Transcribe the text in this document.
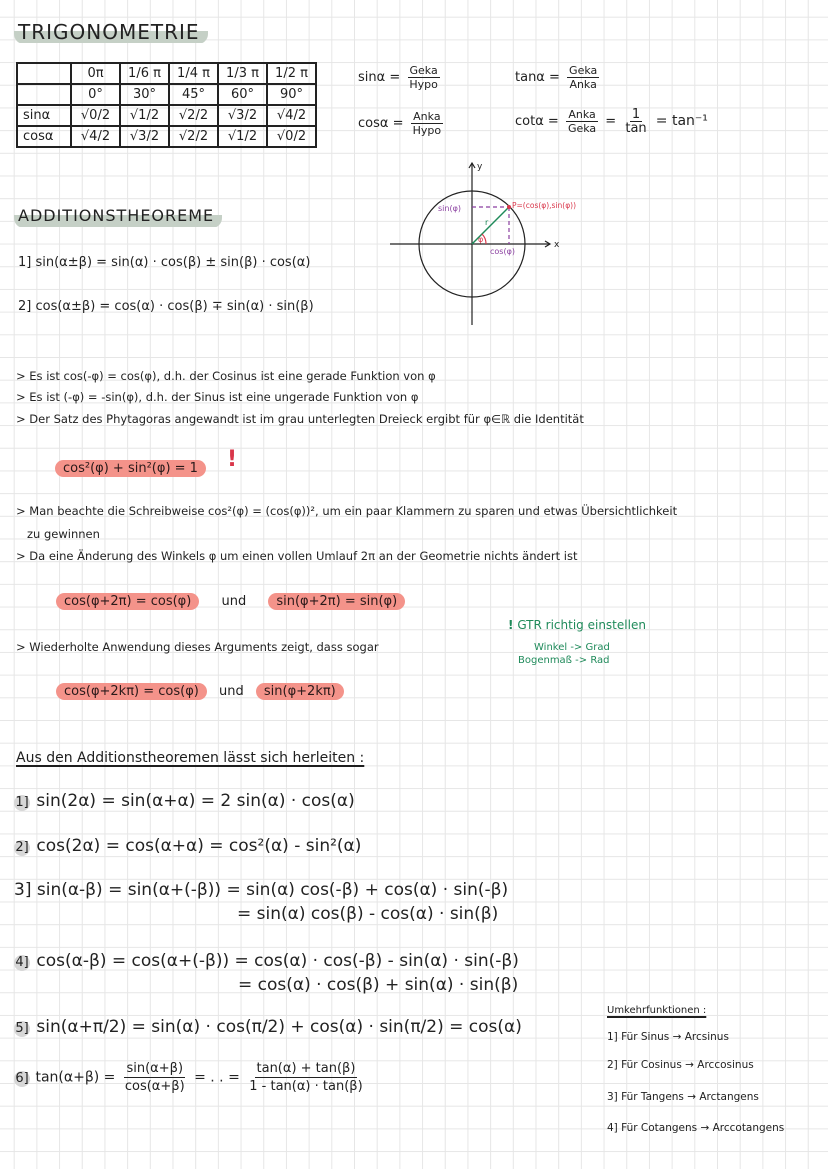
TRIGONOMETRIE
	0π	1/6 π	1/4 π	1/3 π	1/2 π
	0°	30°	45°	60°	90°
sinα	√0/2	√1/2	√2/2	√3/2	√4/2
cosα	√4/2	√3/2	√2/2	√1/2	√0/2
$\sin\alpha = \frac{\text{Geka}}{\text{Hypo}}$
$\cos\alpha = \frac{\text{Anka}}{\text{Hypo}}$
$\tan\alpha = \frac{\text{Geka}}{\text{Anka}}$
$\cot\alpha = \frac{\text{Anka}}{\text{Geka}} = \frac{1}{\tan} = \tan^{-1}$
x
y
r
φ
sin(φ)
cos(φ)
P=(cos(φ),sin(φ))
ADDITIONSTHEOREME
1] sin(α±β) = sin(α) · cos(β) ± sin(β) · cos(α)
2] cos(α±β) = cos(α) · cos(β) ∓ sin(α) · sin(β)
> Es ist cos(-φ) = cos(φ), d.h. der Cosinus ist eine gerade Funktion von φ
> Es ist (-φ) = -sin(φ), d.h. der Sinus ist eine ungerade Funktion von φ
> Der Satz des Phytagoras angewandt ist im grau unterlegten Dreieck ergibt für φ∈ℝ die Identität
cos²(φ) + sin²(φ) = 1	!
> Man beachte die Schreibweise cos²(φ) = (cos(φ))², um ein paar Klammern zu sparen und etwas Übersichtlichkeit
zu gewinnen
> Da eine Änderung des Winkels φ um einen vollen Umlauf 2π an der Geometrie nichts ändert ist
cos(φ+2π) = cos(φ) und sin(φ+2π) = sin(φ)
! GTR richtig einstellen
Winkel -> Grad
Bogenmaß -> Rad
> Wiederholte Anwendung dieses Arguments zeigt, dass sogar
cos(φ+2kπ) = cos(φ) und sin(φ+2kπ)
Aus den Additionstheoremen lässt sich herleiten :
1] sin(2α) = sin(α+α) = 2 sin(α) · cos(α)
2] cos(2α) = cos(α+α) = cos²(α) - sin²(α)
3] sin(α-β) = sin(α+(-β)) = sin(α) cos(-β) + cos(α) · sin(-β)
= sin(α) cos(β) - cos(α) · sin(β)
4] cos(α-β) = cos(α+(-β)) = cos(α) · cos(-β) - sin(α) · sin(-β)
= cos(α) · cos(β) + sin(α) · sin(β)
5] sin(α+π/2) = sin(α) · cos(π/2) + cos(α) · sin(π/2) = cos(α)
6] $\tan(\alpha+\beta) = \frac{\sin(\alpha+\beta)}{\cos(\alpha+\beta)}$ = . . = $\frac{\tan(\alpha) + \tan(\beta)}{1 - \tan(\alpha) \cdot \tan(\beta)}$
Umkehrfunktionen :
1] Für Sinus → Arcsinus
2] Für Cosinus → Arccosinus
3] Für Tangens → Arctangens
4] Für Cotangens → Arccotangens
